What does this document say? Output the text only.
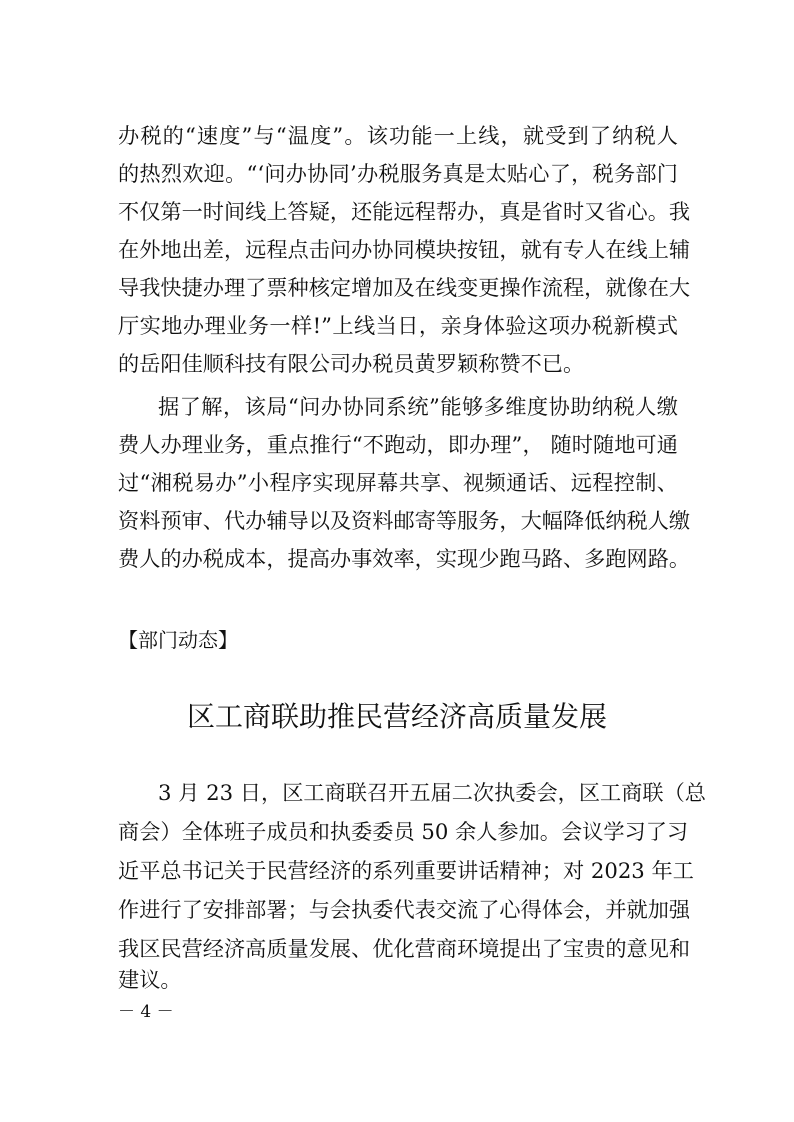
办税的“速度”与“温度”。该功能一上线，就受到了纳税人
的热烈欢迎。“‘问办协同’办税服务真是太贴心了，税务部门
不仅第一时间线上答疑，还能远程帮办，真是省时又省心。我
在外地出差，远程点击问办协同模块按钮，就有专人在线上辅
导我快捷办理了票种核定增加及在线变更操作流程，就像在大
厅实地办理业务一样!”上线当日，亲身体验这项办税新模式
的岳阳佳顺科技有限公司办税员黄罗颖称赞不已。
据了解，该局“问办协同系统”能够多维度协助纳税人缴
费人办理业务，重点推行“不跑动，即办理”， 随时随地可通
过“湘税易办”小程序实现屏幕共享、视频通话、远程控制、
资料预审、代办辅导以及资料邮寄等服务，大幅降低纳税人缴
费人的办税成本，提高办事效率，实现少跑马路、多跑网路。
【部门动态】
区工商联助推民营经济高质量发展
3 月 23 日，区工商联召开五届二次执委会，区工商联（总
商会）全体班子成员和执委委员 50 余人参加。会议学习了习
近平总书记关于民营经济的系列重要讲话精神；对 2023 年工
作进行了安排部署；与会执委代表交流了心得体会，并就加强
我区民营经济高质量发展、优化营商环境提出了宝贵的意见和
建议。
－ 4 －
